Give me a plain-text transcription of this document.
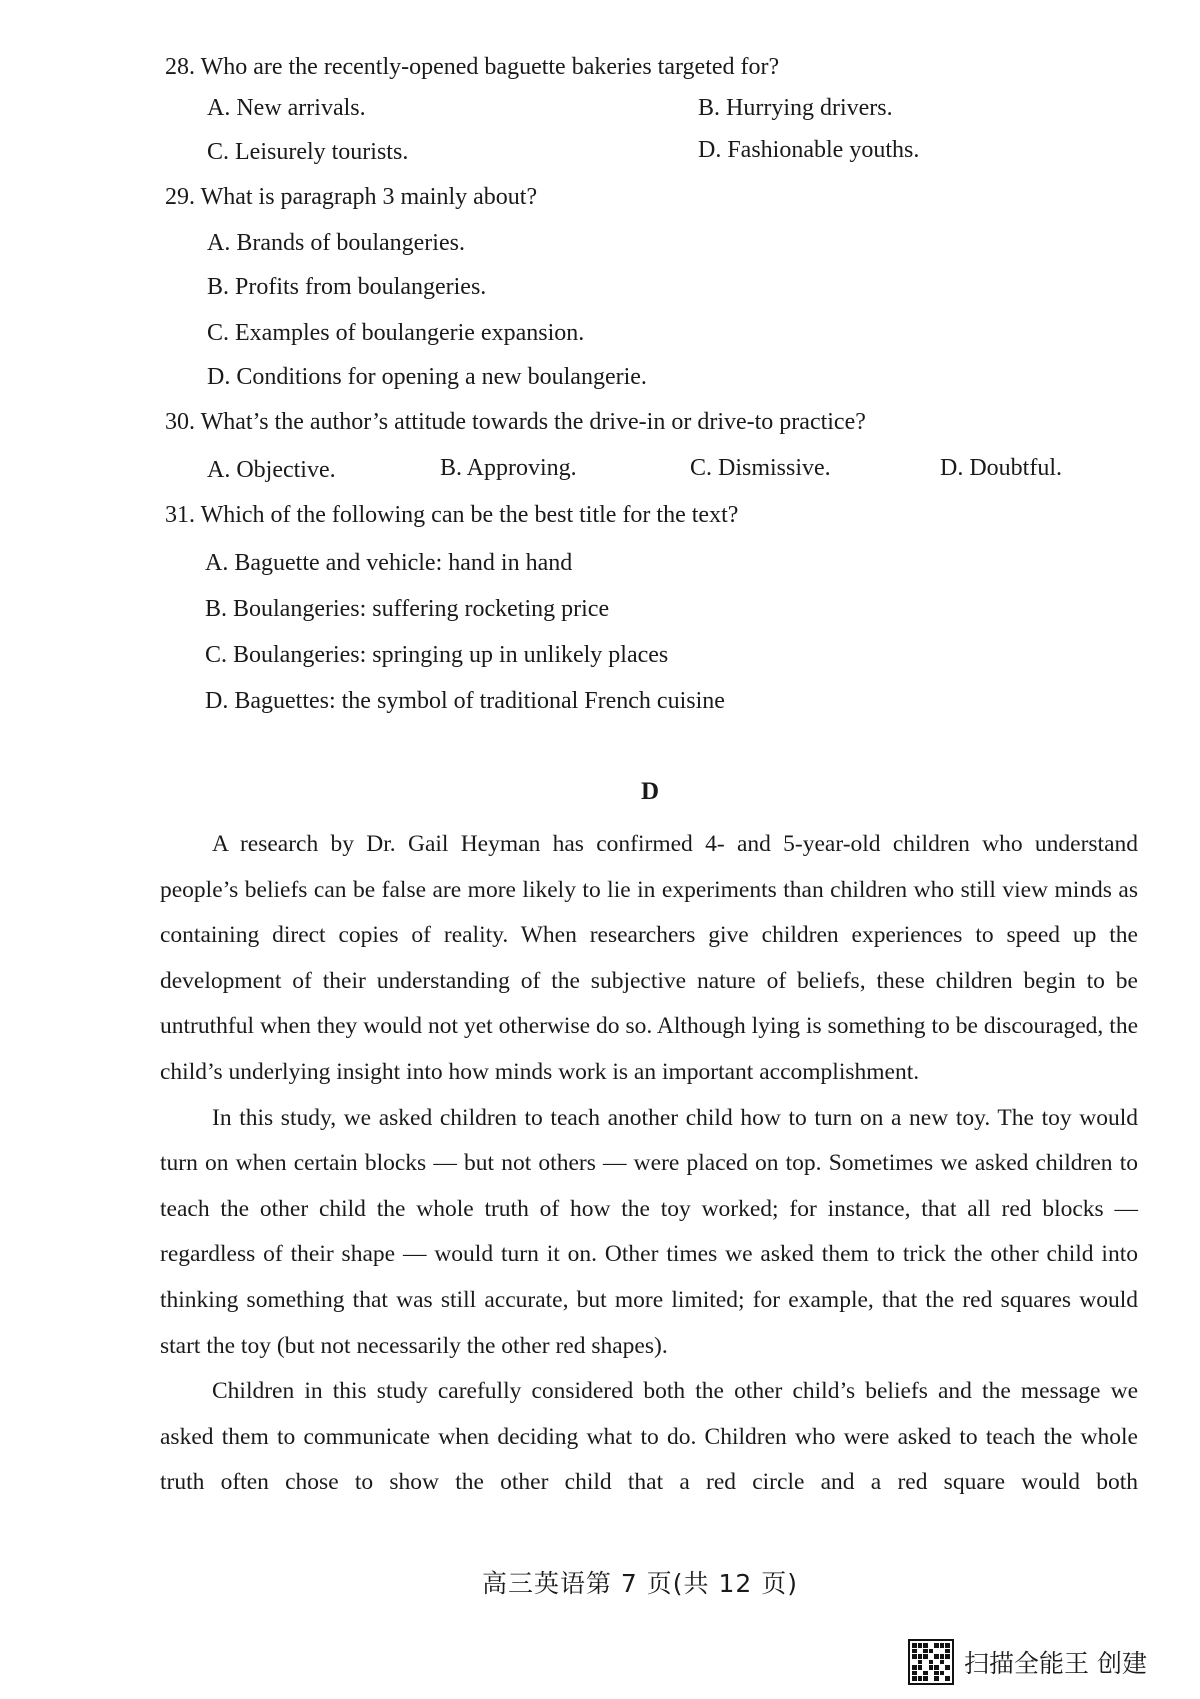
28. Who are the recently-opened baguette bakeries targeted for?
A. New arrivals.	B. Hurrying drivers.
C. Leisurely tourists.	D. Fashionable youths.
29. What is paragraph 3 mainly about?
A. Brands of boulangeries.
B. Profits from boulangeries.
C. Examples of boulangerie expansion.
D. Conditions for opening a new boulangerie.
30. What’s the author’s attitude towards the drive-in or drive-to practice?
A. Objective.	B. Approving.	C. Dismissive.	D. Doubtful.
31. Which of the following can be the best title for the text?
A. Baguette and vehicle: hand in hand
B. Boulangeries: suffering rocketing price
C. Boulangeries: springing up in unlikely places
D. Baguettes: the symbol of traditional French cuisine
D

A research by Dr. Gail Heyman has confirmed 4- and 5-year-old children who understand people’s beliefs can be false are more likely to lie in experiments than children who still view minds as containing direct copies of reality. When researchers give children experiences to speed up the development of their understanding of the subjective nature of beliefs, these children begin to be untruthful when they would not yet otherwise do so. Although lying is something to be discouraged, the child’s underlying insight into how minds work is an important accomplishment.

In this study, we asked children to teach another child how to turn on a new toy. The toy would turn on when certain blocks — but not others — were placed on top. Sometimes we asked children to teach the other child the whole truth of how the toy worked; for instance, that all red blocks — regardless of their shape — would turn it on. Other times we asked them to trick the other child into thinking something that was still accurate, but more limited; for example, that the red squares would start the toy (but not necessarily the other red shapes).

Children in this study carefully considered both the other child’s beliefs and the message we asked them to communicate when deciding what to do. Children who were asked to teach the whole truth often chose to show the other child that a red circle and a red square would both

高三英语第 7 页(共 12 页)
扫描全能王 创建
